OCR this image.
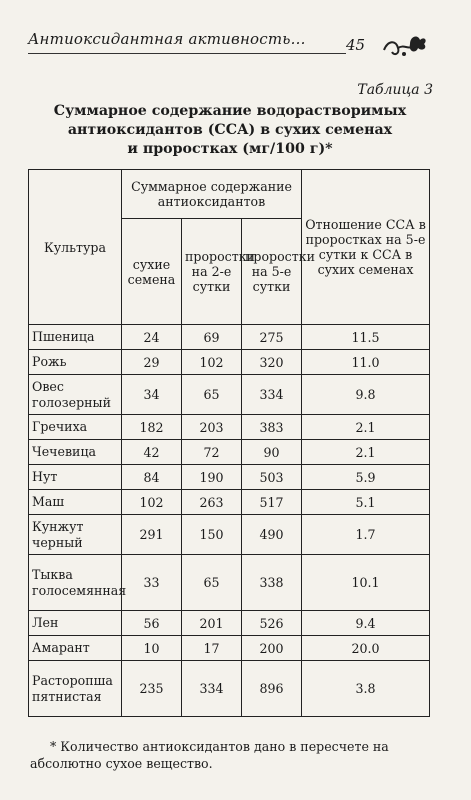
Антиоксидантная активность...	45
Таблица 3
Суммарное содержание водорастворимых
антиоксидантов (ССА) в сухих семенах
и проростках (мг/100 г)*
Культура	Суммарное содержание антиоксидантов			Отношение ССА в проростках на 5-е сутки к ССА в сухих семенах
	сухие семена	проростки на 2-е сутки	проростки на 5-е сутки	
Пшеница	24	69	275	11.5
Рожь	29	102	320	11.0
Овес голозерный	34	65	334	9.8
Гречиха	182	203	383	2.1
Чечевица	42	72	90	2.1
Нут	84	190	503	5.9
Маш	102	263	517	5.1
Кунжут черный	291	150	490	1.7
Тыква голосемянная	33	65	338	10.1
Лен	56	201	526	9.4
Амарант	10	17	200	20.0
Расторопша пятнистая	235	334	896	3.8
* Количество антиоксидантов дано в пересчете на абсолютно сухое вещество.
